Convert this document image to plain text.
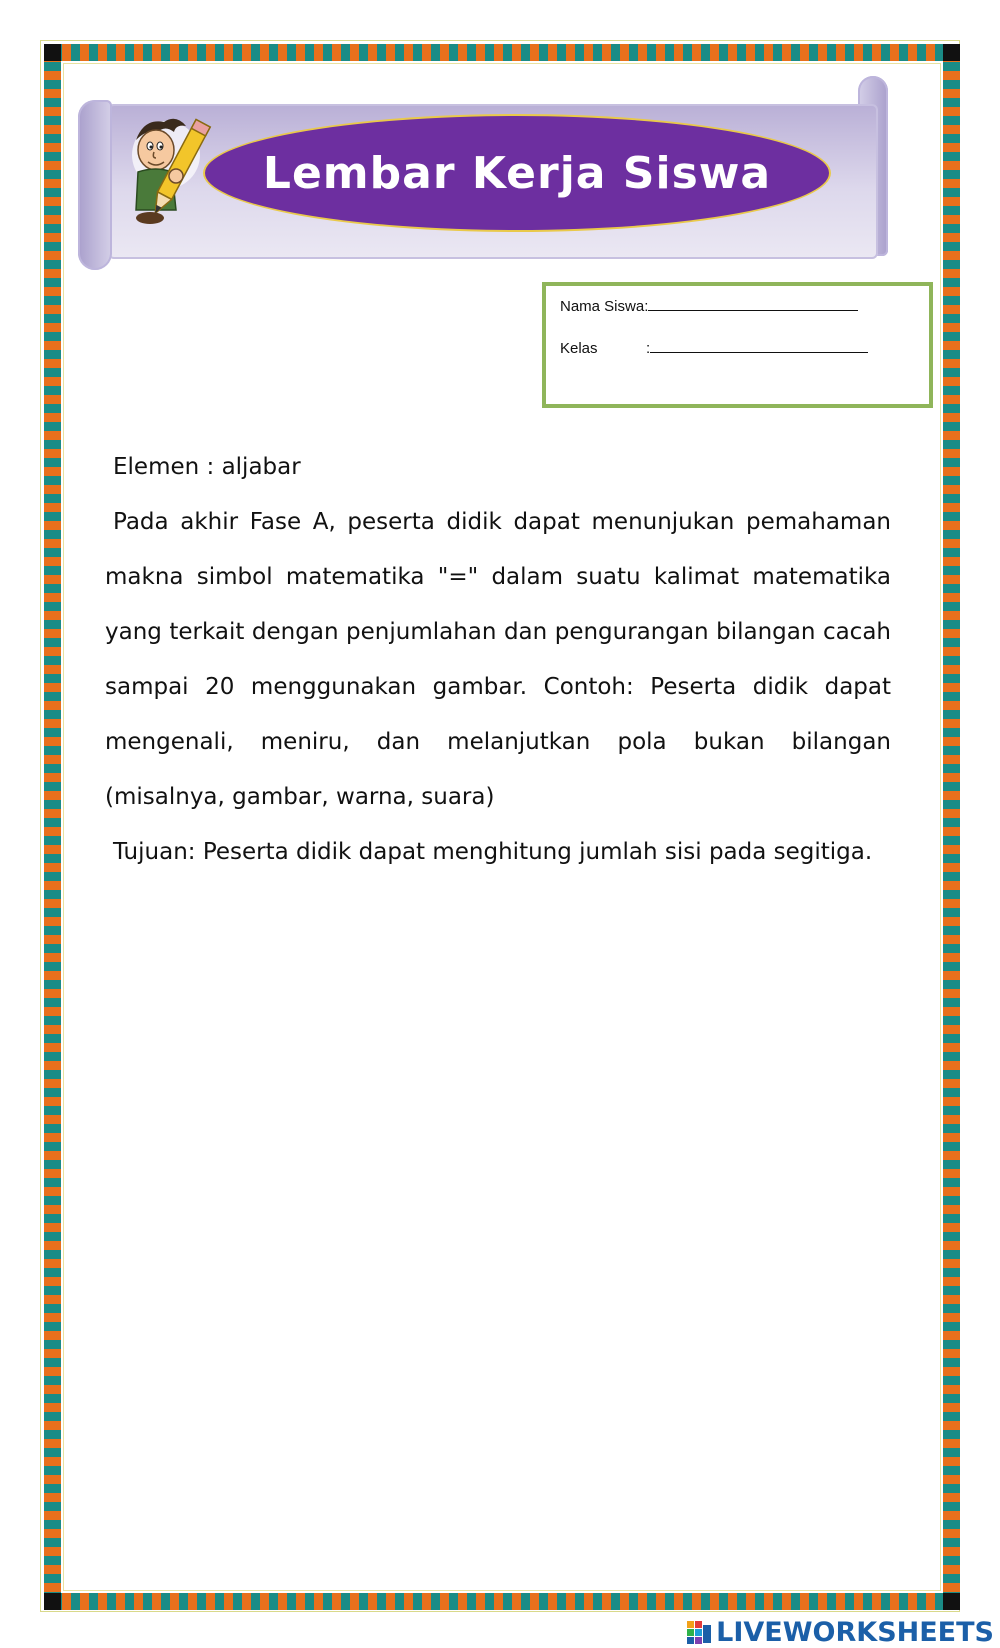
Lembar Kerja Siswa
Nama Siswa:
Kelas	:

Elemen : aljabar

Pada akhir Fase A, peserta didik dapat menunjukan pemahaman makna simbol matematika "=" dalam suatu kalimat matematika yang terkait dengan penjumlahan dan pengurangan bilangan cacah sampai 20 menggunakan gambar. Contoh: Peserta didik dapat mengenali, meniru, dan melanjutkan pola bukan bilangan (misalnya, gambar, warna, suara)

Tujuan: Peserta didik dapat menghitung jumlah sisi pada segitiga.

LIVEWORKSHEETS
